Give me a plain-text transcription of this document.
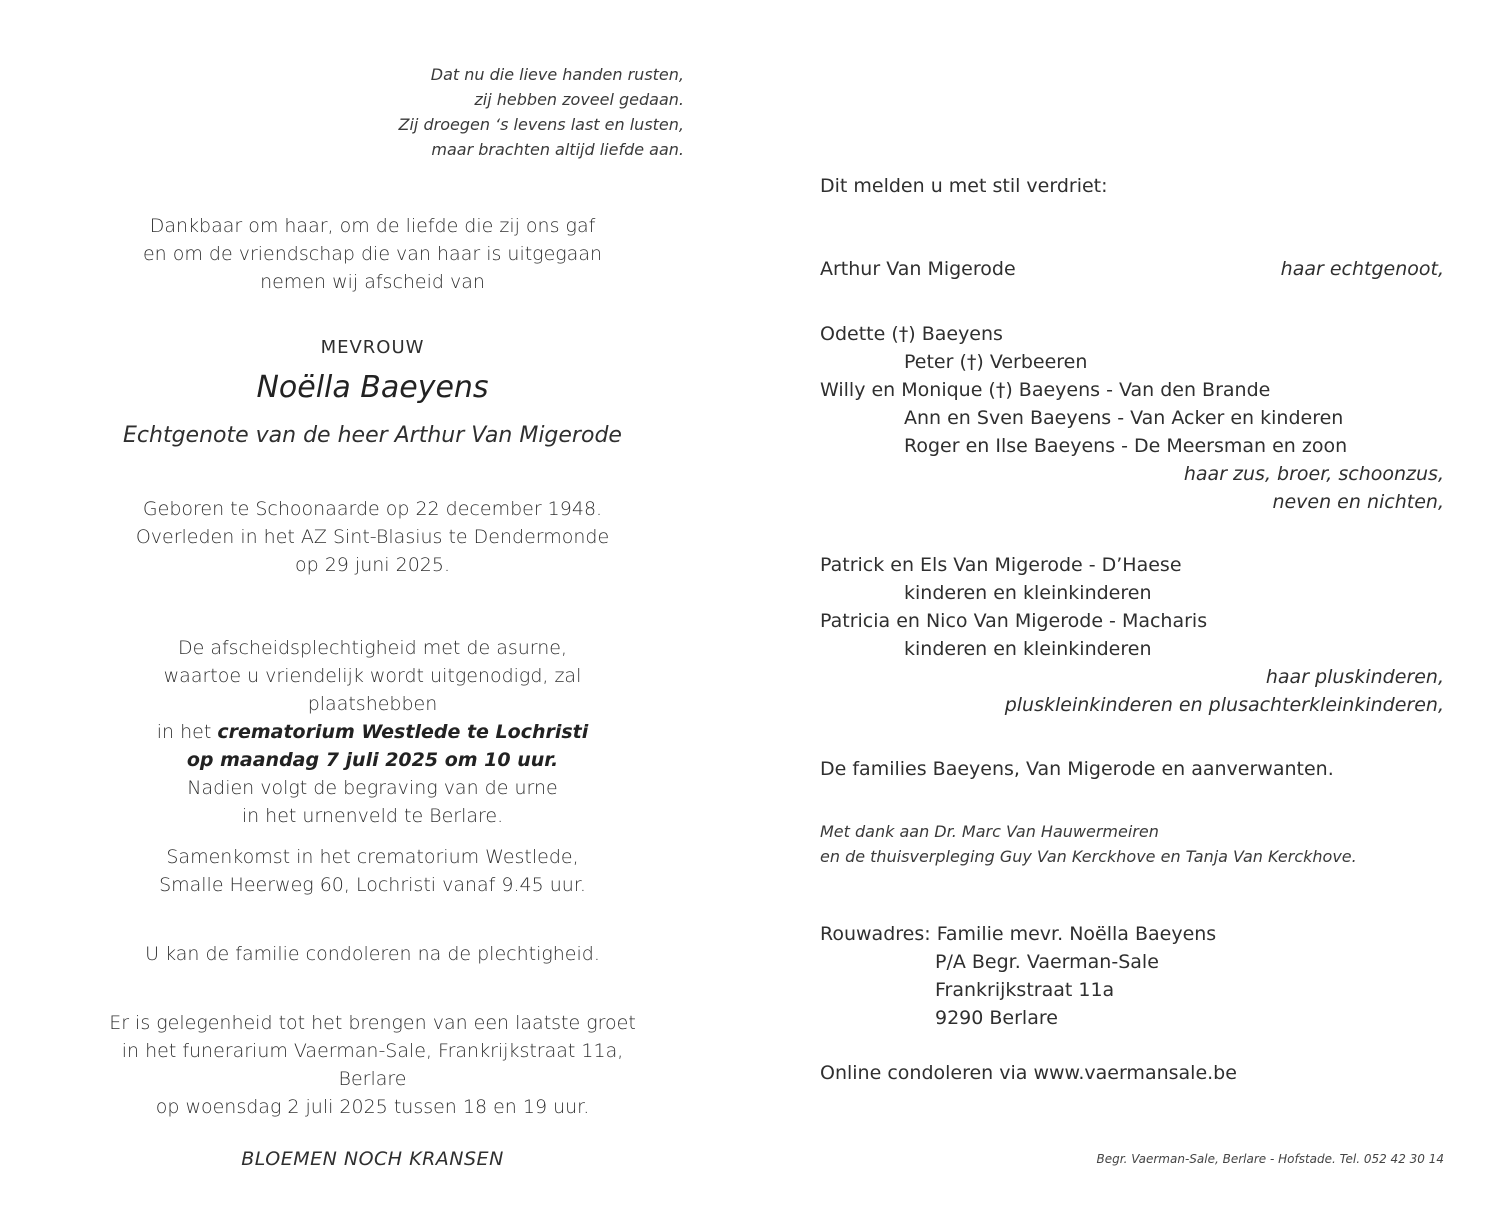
Dat nu die lieve handen rusten,
zij hebben zoveel gedaan.
Zij droegen ‘s levens last en lusten,
maar brachten altijd liefde aan.
Dankbaar om haar, om de liefde die zij ons gaf
en om de vriendschap die van haar is uitgegaan
nemen wij afscheid van
MEVROUW
Noëlla Baeyens
Echtgenote van de heer Arthur Van Migerode
Geboren te Schoonaarde op 22 december 1948.
Overleden in het AZ Sint-Blasius te Dendermonde
op 29 juni 2025.
De afscheidsplechtigheid met de asurne,
waartoe u vriendelijk wordt uitgenodigd, zal plaatshebben
in het crematorium Westlede te Lochristi
op maandag 7 juli 2025 om 10 uur.
Nadien volgt de begraving van de urne
in het urnenveld te Berlare.
Samenkomst in het crematorium Westlede,
Smalle Heerweg 60, Lochristi vanaf 9.45 uur.
U kan de familie condoleren na de plechtigheid.
Er is gelegenheid tot het brengen van een laatste groet
in het funerarium Vaerman-Sale, Frankrijkstraat 11a, Berlare
op woensdag 2 juli 2025 tussen 18 en 19 uur.
BLOEMEN NOCH KRANSEN
Dit melden u met stil verdriet:
Arthur Van Migerode	haar echtgenoot,
Odette (†) Baeyens
Peter (†) Verbeeren
Willy en Monique (†) Baeyens - Van den Brande
Ann en Sven Baeyens - Van Acker en kinderen
Roger en Ilse Baeyens - De Meersman en zoon
haar zus, broer, schoonzus,
neven en nichten,
Patrick en Els Van Migerode - D’Haese
kinderen en kleinkinderen
Patricia en Nico Van Migerode - Macharis
kinderen en kleinkinderen
haar pluskinderen,
pluskleinkinderen en plusachterkleinkinderen,
De families Baeyens, Van Migerode en aanverwanten.
Met dank aan Dr. Marc Van Hauwermeiren
en de thuisverpleging Guy Van Kerckhove en Tanja Van Kerckhove.
Rouwadres: Familie mevr. Noëlla Baeyens
P/A Begr. Vaerman-Sale
Frankrijkstraat 11a
9290 Berlare
Online condoleren via www.vaermansale.be
Begr. Vaerman-Sale, Berlare - Hofstade. Tel. 052 42 30 14
